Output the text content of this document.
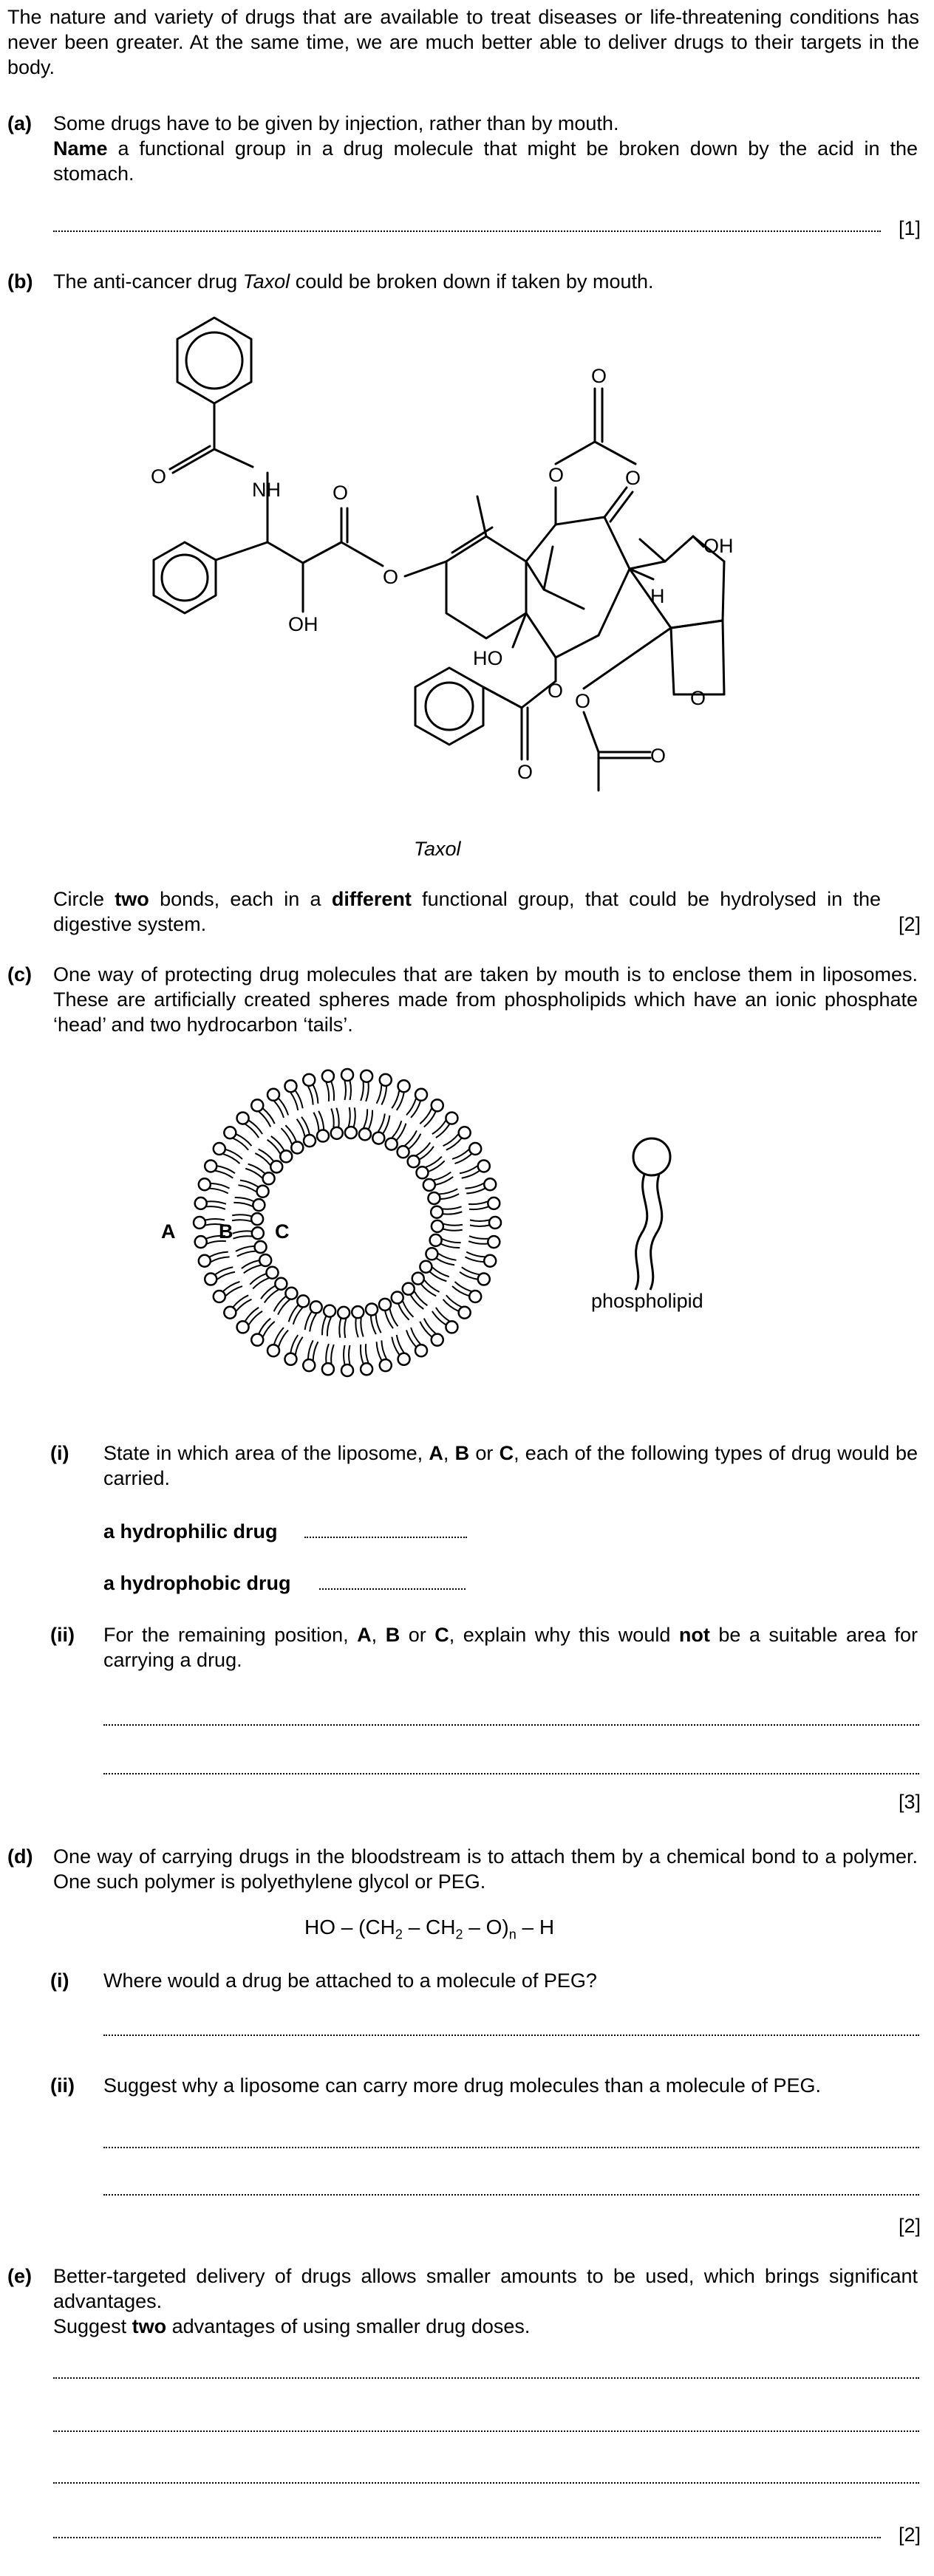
The nature and variety of drugs that are available to treat diseases or life-threatening conditions has never been greater. At the same time, we are much better able to deliver drugs to their targets in the body.
(a) Some drugs have to be given by injection, rather than by mouth.
Name a functional group in a drug molecule that might be broken down by the acid in the stomach.
[1]
(b) The anti-cancer drug Taxol could be broken down if taken by mouth.
NH
O
OH
O
O
O
O	O
OH
H
HO
O O	O
O
O
Taxol
Circle two bonds, each in a different functional group, that could be hydrolysed in the digestive system.	[2]
(c) One way of protecting drug molecules that are taken by mouth is to enclose them in liposomes. These are artificially created spheres made from phospholipids which have an ionic phosphate ‘head’ and two hydrocarbon ‘tails’.
A B C
phospholipid
(i) State in which area of the liposome, A, B or C, each of the following types of drug would be carried.
a hydrophilic drug
a hydrophobic drug
(ii) For the remaining position, A, B or C, explain why this would not be a suitable area for carrying a drug.
[3]
(d) One way of carrying drugs in the bloodstream is to attach them by a chemical bond to a polymer. One such polymer is polyethylene glycol or PEG.
HO – $(CH_2 - CH_2 - O)_n$ – H
(i) Where would a drug be attached to a molecule of PEG?
(ii) Suggest why a liposome can carry more drug molecules than a molecule of PEG.
[2]
(e) Better-targeted delivery of drugs allows smaller amounts to be used, which brings significant advantages.
Suggest two advantages of using smaller drug doses.
[2]
